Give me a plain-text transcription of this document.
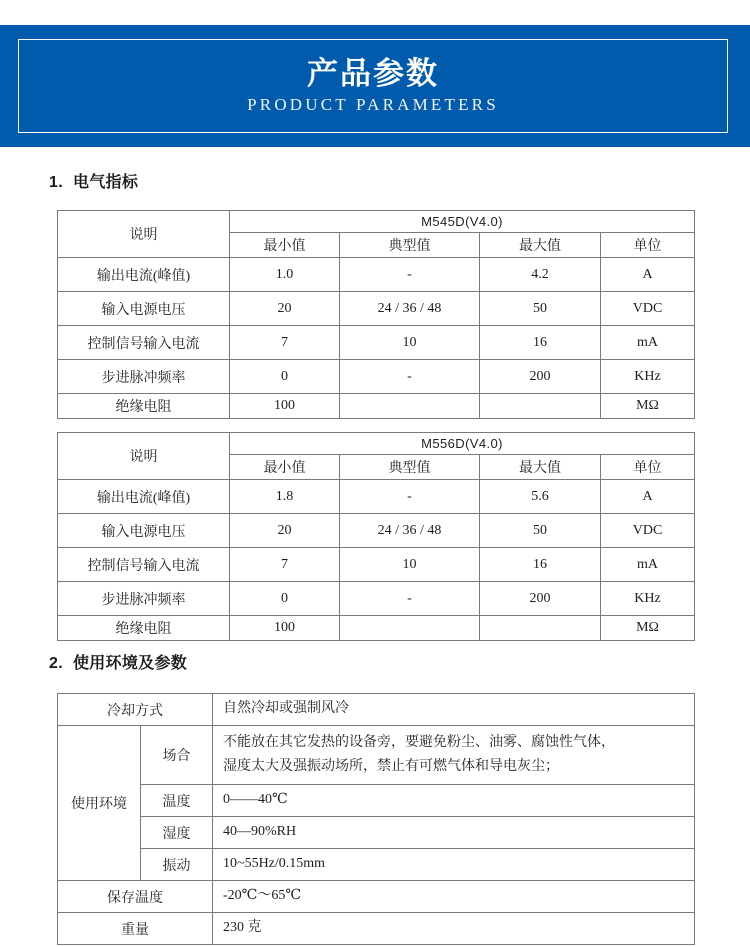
产品参数
PRODUCT PARAMETERS
1. 电气指标
说明	M545D(V4.0)			
	最小值	典型值	最大值	单位
输出电流(峰值)	1.0	-	4.2	A
输入电源电压	20	24 / 36 / 48	50	VDC
控制信号输入电流	7	10	16	mA
步进脉冲频率	0	-	200	KHz
绝缘电阻	100			MΩ
说明	M556D(V4.0)			
	最小值	典型值	最大值	单位
输出电流(峰值)	1.8	-	5.6	A
输入电源电压	20	24 / 36 / 48	50	VDC
控制信号输入电流	7	10	16	mA
步进脉冲频率	0	-	200	KHz
绝缘电阻	100			MΩ
2. 使用环境及参数
冷却方式		自然冷却或强制风冷
使用环境	场合	不能放在其它发热的设备旁，要避免粉尘、油雾、腐蚀性气体，
湿度太大及强振动场所，禁止有可燃气体和导电灰尘；

	温度	0——40℃
	湿度	40—90%RH
	振动	10~55Hz/0.15mm
保存温度		-20℃～65℃
重量		230 克
